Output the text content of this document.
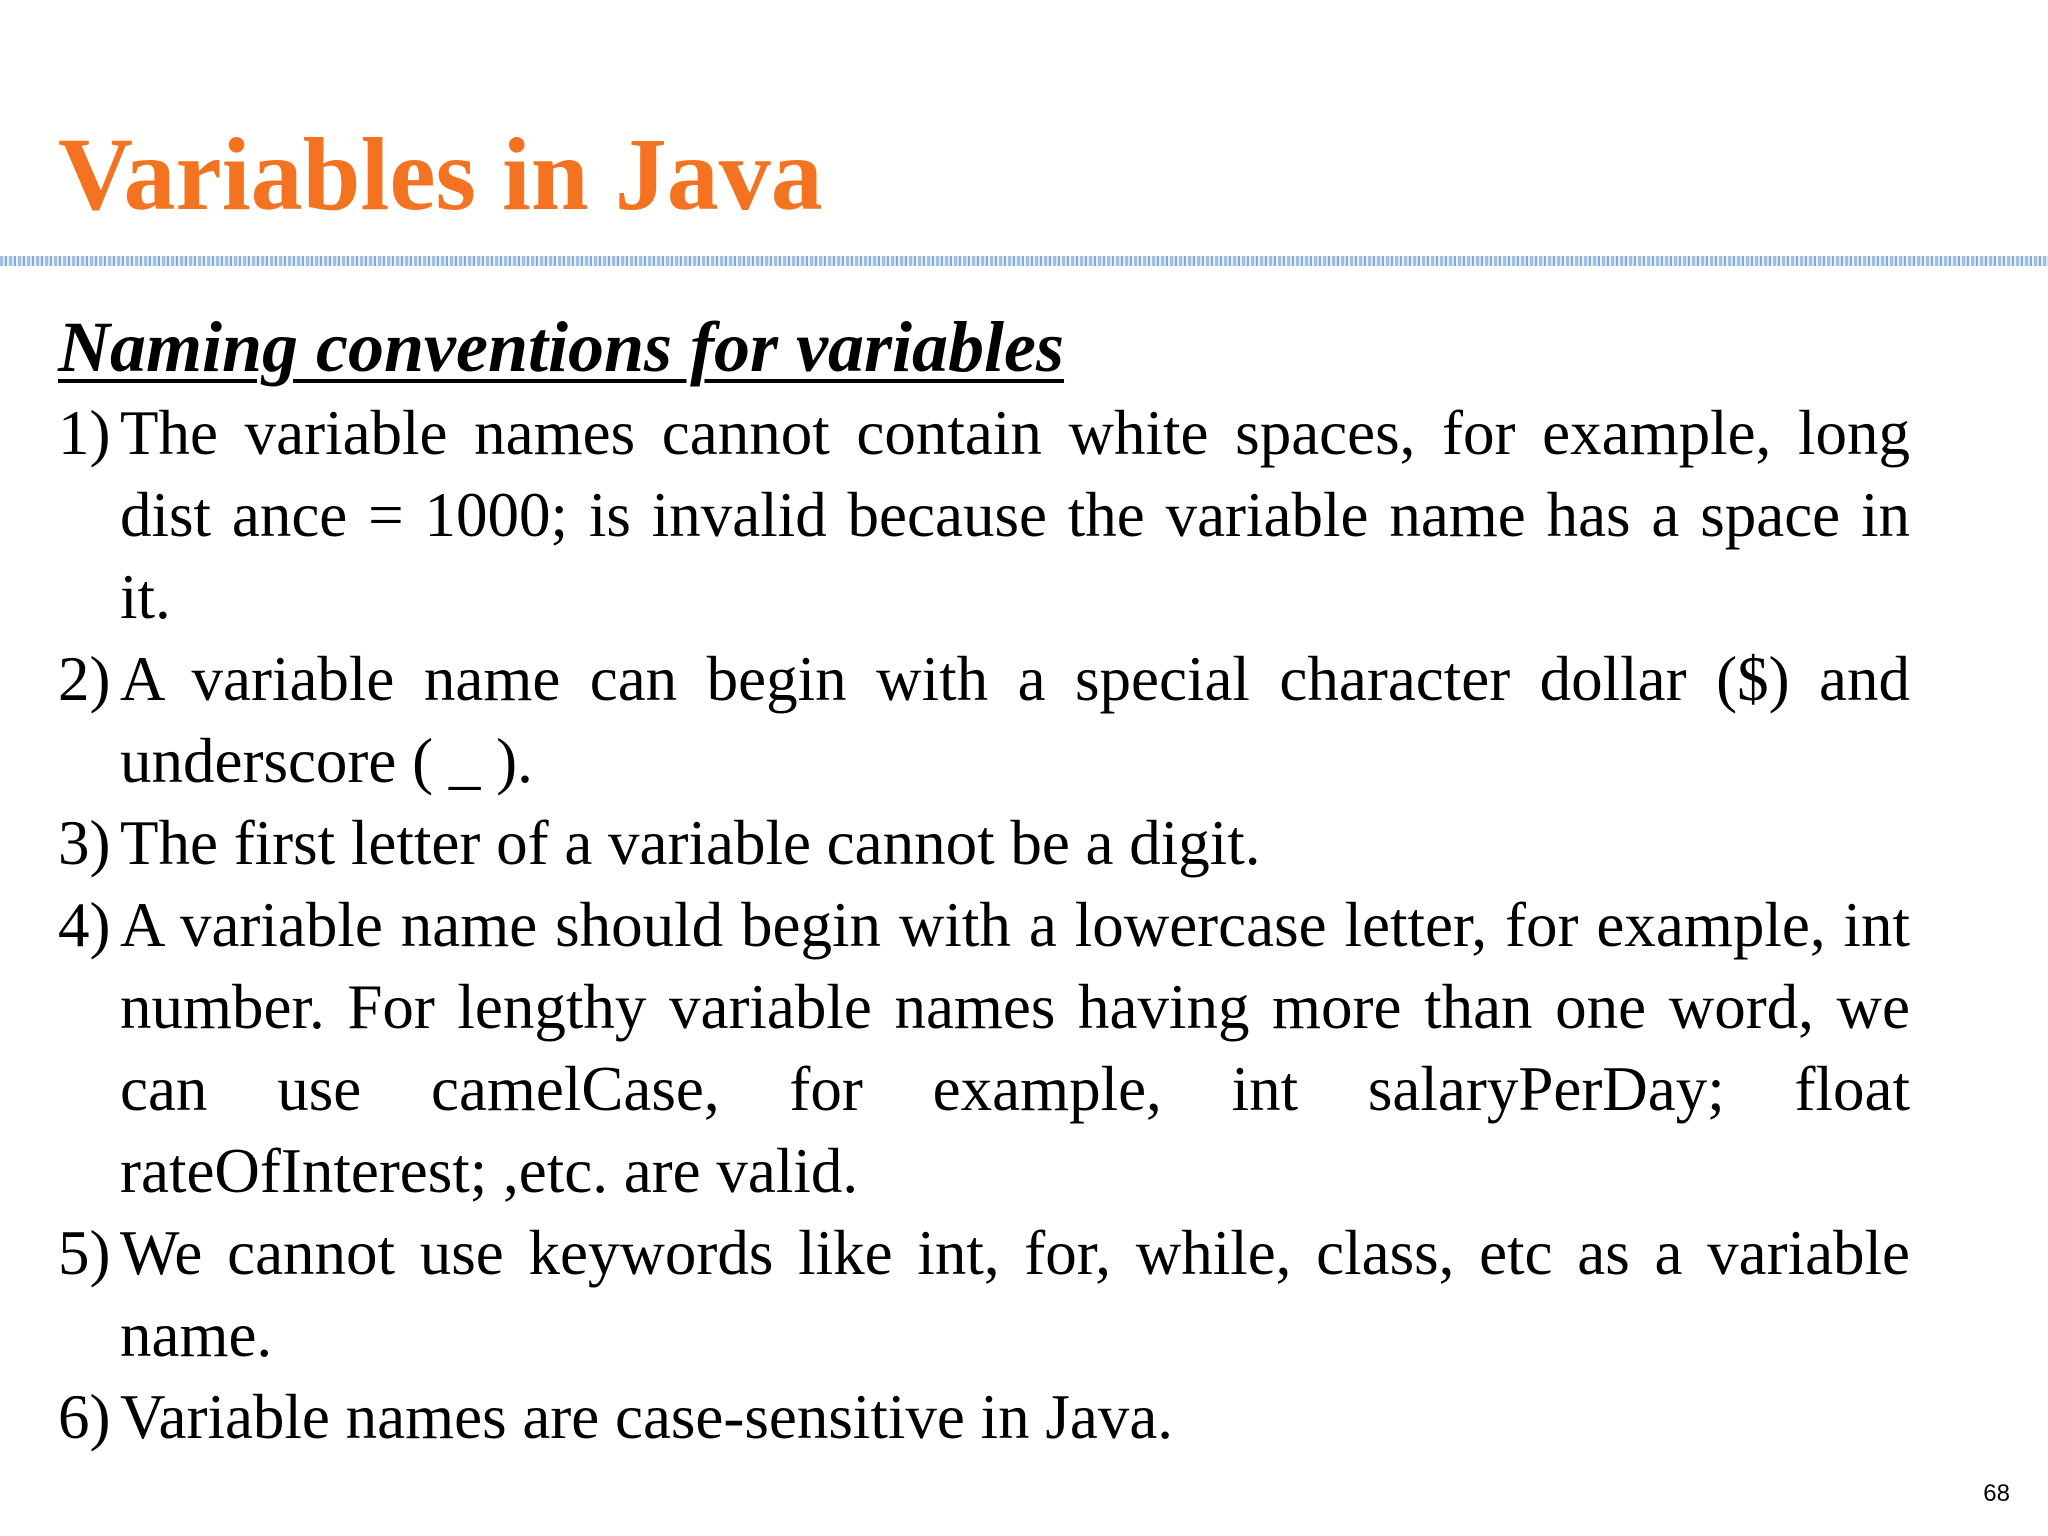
Variables in Java
Naming conventions for variables
1) The variable names cannot contain white spaces, for example, long dist ance = 1000; is invalid because the variable name has a space in it.
2) A variable name can begin with a special character dollar ($) and underscore ( _ ).
3) The first letter of a variable cannot be a digit.
4) A variable name should begin with a lowercase letter, for example, int number. For lengthy variable names having more than one word, we can use camelCase, for example, int salaryPerDay; float rateOfInterest; ,etc. are valid.
5) We cannot use keywords like int, for, while, class, etc as a variable name.
6) Variable names are case-sensitive in Java.
68
